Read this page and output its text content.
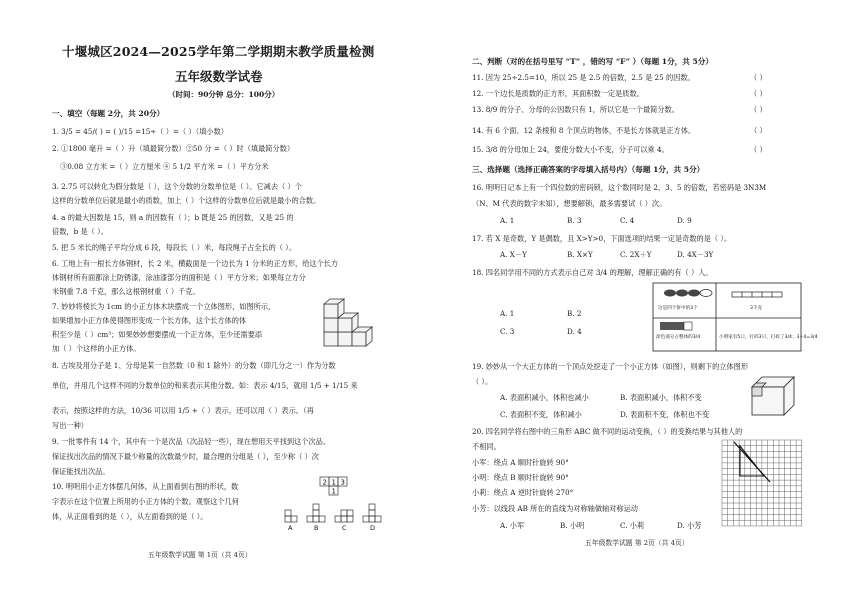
十堰城区2024—2025学年第二学期期末教学质量检测
五年级数学试卷
（时间：90分钟 总分：100分）
一、填空（每题 2分，共 20分）
1. 3/5 = 45/( ) = ( )/15 =15÷（ ）=（ ）（填小数）
2. ①1800 毫升 =（ ）升（填最简分数）②50 分 =（ ）时（填最简分数）
③0.08 立方米 =（ ）立方厘米 ④ 5 1/2 平方米 =（ ）平方分米
3. 2.75 可以转化为假分数是（ ），这个分数的分数单位是（ ）。它减去（ ）个
这样的分数单位后就是最小的质数，加上（ ）个这样的分数单位后就是最小的合数。
4. a 的最大因数是 15，则 a 的因数有（ ）；b 既是 25 的因数，又是 25 的
倍数，b 是（ ）。
5. 把 5 米长的绳子平均分成 6 段，每段长（ ）米，每段绳子占全长的（ ）。
6. 工地上有一根长方体钢材，长 2 米，横截面是一个边长为 1 分米的正方形，给这个长方
体钢材所有面都涂上防锈漆，涂油漆部分的面积是（ ）平方分米；如果每立方分
米钢重 7.8 千克，那么这根钢材重（ ）千克。
7. 妙妙将棱长为 1cm 的小正方体木块摆成一个立体图形，如图所示，
如果增加小正方体使得图形变成一个长方体，这个长方体的体
积至少是（ ）cm³；如果妙妙想要摆成一个正方体，至少还需要添
加（ ）个这样的小正方体。
8. 古埃及用分子是 1、分母是某一自然数（0 和 1 除外）的分数（即几分之一）作为分数
单位，并用几个这样不同的分数单位的和来表示其他分数。如：表示 4/15，就用 1/5 + 1/15 来
表示，按照这样的方法，10/36 可以用 1/5 +（ ）表示，还可以用（ ）表示。（再
写出一种）
9. 一批零件有 14 个，其中有一个是次品（次品轻一些），现在想用天平找到这个次品。
保证找出次品的情况下最少称量的次数最少时，最合理的分组是（ ），至少称（ ）次
保证能找出次品。
10. 明明用小正方体摆几何体，从上面看到右图的形状，数
字表示在这个位置上所用的小正方体的个数。观察这个几何
体，从正面看到的是（ ），从左面看到的是（ ）。
2 1 3
1
A	B	C	D
五年级数学试题 第 1页（共 4页）
二、判断（对的在括号里写 “T” ，错的写 “F” ）（每题 1分，共 5分）
11. 因为 25÷2.5=10，所以 25 是 2.5 的倍数，2.5 是 25 的因数。	（ ）
12. 一个边长是质数的正方形，其面积数一定是质数。	（ ）
13. 8/9 的分子、分母的公因数只有 1，所以它是一个最简分数。	（ ）
14. 有 6 个面、12 条棱和 8 个顶点的物体，不是长方体就是正方体。	（ ）
15. 3/8 的分母加上 24，要使分数大小不变，分子可以乘 4。	（ ）
三、选择题（选择正确答案的字母填入括号内）（每题 1分，共 5分）
16. 明明日记本上有一个四位数的密码锁，这个数同时是 2、3、5 的倍数，若密码是 3N3M
（N、M 代表的数字未知），想要解锁，最多需要试（ ）次。
A. 1	B. 3	C. 4	D. 9
17. 若 X 是奇数，Y 是偶数，且 X>Y>0，下面选项的结果一定是奇数的是（ ）。
A. X－Y	B. X×Y	C. 2X＋Y	D. 4X－3Y
18. 四名同学用不同的方式表示自己对 3/4 的理解，理解正确的有（ ）人。
A. 1	B. 2
C. 3	D. 4
这是四个饼中的3个	3千克
涂色部分占整体的3/4	小明家有5口，打碎3只，打碎了3/4；3÷4=3/4
19. 妙妙从一个大正方体的一个顶点处挖走了一个小正方体（如图），则剩下的立体图形
（ ）。
A. 表面积减小，体积也减小	B. 表面积减小，体积不变
C. 表面积不变，体积减小	D. 表面积不变，体积也不变
20. 四名同学将右图中的三角形 ABC 做不同的运动变换，（ ）的变换结果与其他人的
不相同。
小军：绕点 A 顺时针旋转 90°
小明：绕点 B 顺时针旋转 90°
小莉：绕点 A 逆时针旋转 270°
小芳：以线段 AB 所在的直线为对称轴做轴对称运动
A. 小军	B. 小明	C. 小莉	D. 小芳
五年级数学试题 第 2页（共 4页）
